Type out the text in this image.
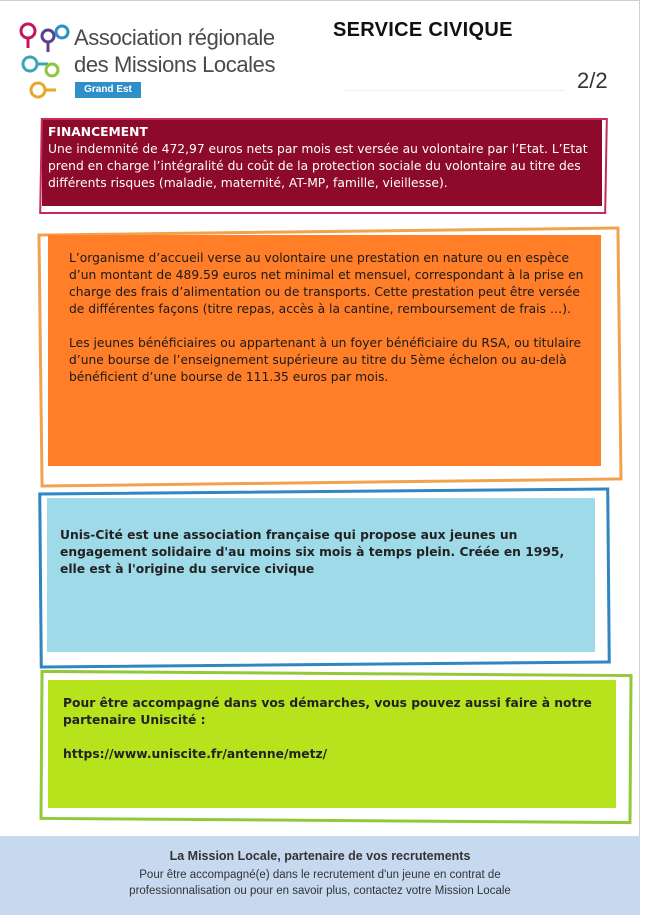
Association régionale
des Missions Locales
Grand Est
SERVICE CIVIQUE
2/2
FINANCEMENT
Une indemnité de 472,97 euros nets par mois est versée au volontaire par l’Etat. L’Etat prend en charge l’intégralité du coût de la protection sociale du volontaire au titre des différents risques (maladie, maternité, AT-MP, famille, vieillesse).

L’organisme d’accueil verse au volontaire une prestation en nature ou en espèce d’un montant de 489.59 euros net minimal et mensuel, correspondant à la prise en charge des frais d’alimentation ou de transports. Cette prestation peut être versée de différentes façons (titre repas, accès à la cantine, remboursement de frais …).

Les jeunes bénéficiaires ou appartenant à un foyer bénéficiaire du RSA, ou titulaire d’une bourse de l’enseignement supérieure au titre du 5ème échelon ou au-delà bénéficient d’une bourse de 111.35 euros par mois.

Unis-Cité est une association française qui propose aux jeunes un engagement solidaire d'au moins six mois à temps plein. Créée en 1995, elle est à l'origine du service civique

Pour être accompagné dans vos démarches, vous pouvez aussi faire à notre partenaire Uniscité :

https://www.uniscite.fr/antenne/metz/

La Mission Locale, partenaire de vos recrutements
Pour être accompagné(e) dans le recrutement d'un jeune en contrat de
professionnalisation ou pour en savoir plus, contactez votre Mission Locale
